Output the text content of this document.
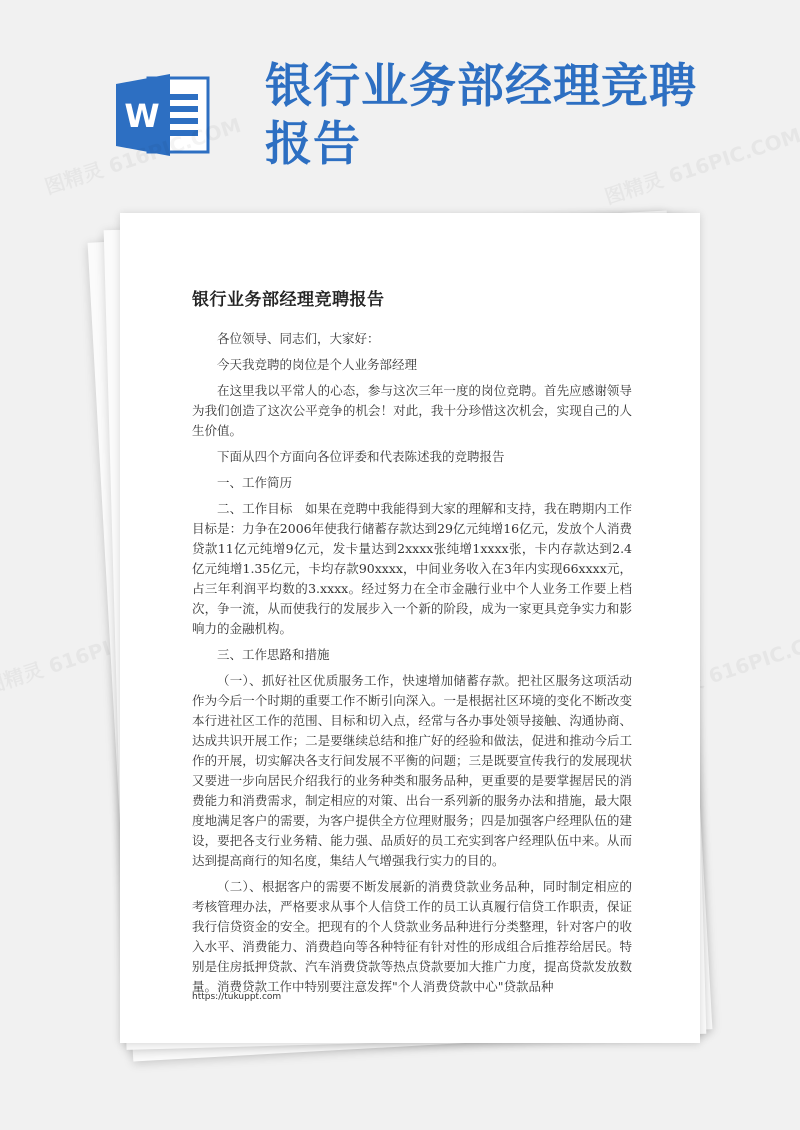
W
银行业务部经理竞聘报告
银行业务部经理竞聘报告

各位领导、同志们，大家好：

今天我竞聘的岗位是个人业务部经理

在这里我以平常人的心态，参与这次三年一度的岗位竞聘。首先应感谢领导为我们创造了这次公平竞争的机会！对此，我十分珍惜这次机会，实现自己的人生价值。

下面从四个方面向各位评委和代表陈述我的竞聘报告

一、工作简历

二、工作目标　如果在竞聘中我能得到大家的理解和支持，我在聘期内工作目标是：力争在2006年使我行储蓄存款达到29亿元纯增16亿元，发放个人消费贷款11亿元纯增9亿元，发卡量达到2xxxx张纯增1xxxx张，卡内存款达到2.4亿元纯增1.35亿元，卡均存款90xxxx，中间业务收入在3年内实现66xxxx元，占三年利润平均数的3.xxxx。经过努力在全市金融行业中个人业务工作要上档次，争一流，从而使我行的发展步入一个新的阶段，成为一家更具竞争实力和影响力的金融机构。

三、工作思路和措施

（一）、抓好社区优质服务工作，快速增加储蓄存款。把社区服务这项活动作为今后一个时期的重要工作不断引向深入。一是根据社区环境的变化不断改变本行进社区工作的范围、目标和切入点，经常与各办事处领导接触、沟通协商、达成共识开展工作；二是要继续总结和推广好的经验和做法，促进和推动今后工作的开展，切实解决各支行间发展不平衡的问题；三是既要宣传我行的发展现状又要进一步向居民介绍我行的业务种类和服务品种，更重要的是要掌握居民的消费能力和消费需求，制定相应的对策、出台一系列新的服务办法和措施，最大限度地满足客户的需要，为客户提供全方位理财服务；四是加强客户经理队伍的建设，要把各支行业务精、能力强、品质好的员工充实到客户经理队伍中来。从而达到提高商行的知名度，集结人气增强我行实力的目的。

（二）、根据客户的需要不断发展新的消费贷款业务品种，同时制定相应的考核管理办法，严格要求从事个人信贷工作的员工认真履行信贷工作职责，保证我行信贷资金的安全。把现有的个人贷款业务品种进行分类整理，针对客户的收入水平、消费能力、消费趋向等各种特征有针对性的形成组合后推荐给居民。特别是住房抵押贷款、汽车消费贷款等热点贷款要加大推广力度，提高贷款发放数量。消费贷款工作中特别要注意发挥"个人消费贷款中心"贷款品种

https://tukuppt.com
